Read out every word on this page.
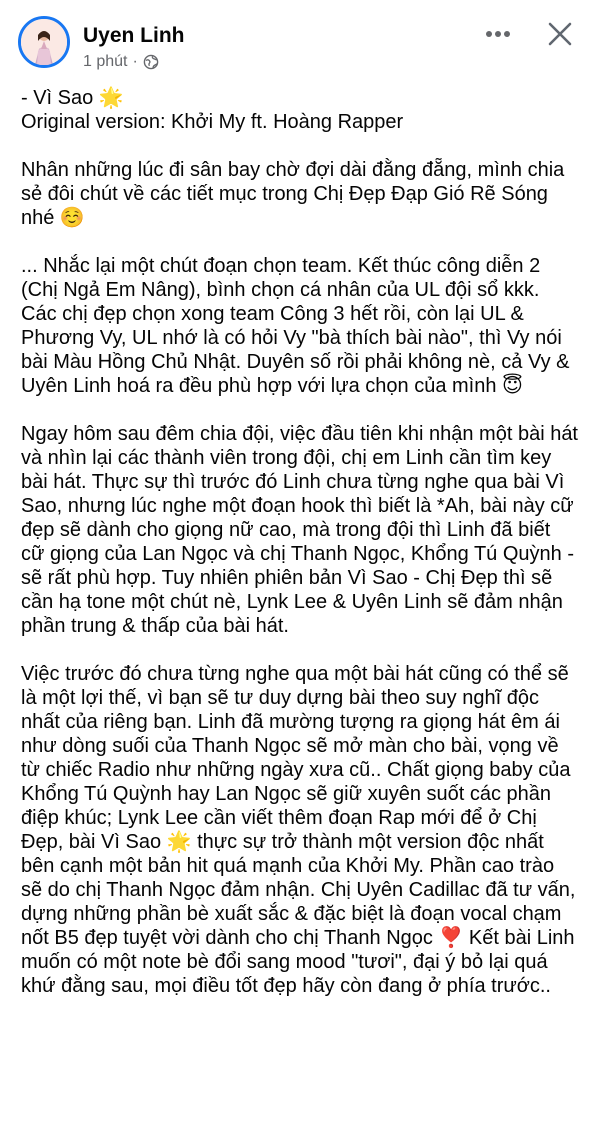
Uyen Linh
1 phút ·

- Vì Sao 🌟
Original version: Khởi My ft. Hoàng Rapper

Nhân những lúc đi sân bay chờ đợi dài đằng đẵng, mình chia sẻ đôi chút về các tiết mục trong Chị Đẹp Đạp Gió Rẽ Sóng nhé ☺️

... Nhắc lại một chút đoạn chọn team. Kết thúc công diễn 2 (Chị Ngả Em Nâng), bình chọn cá nhân của UL đội sổ kkk. Các chị đẹp chọn xong team Công 3 hết rồi, còn lại UL & Phương Vy, UL nhớ là có hỏi Vy "bà thích bài nào", thì Vy nói bài Màu Hồng Chủ Nhật. Duyên số rồi phải không nè, cả Vy & Uyên Linh hoá ra đều phù hợp với lựa chọn của mình 😇

Ngay hôm sau đêm chia đội, việc đầu tiên khi nhận một bài hát và nhìn lại các thành viên trong đội, chị em Linh cần tìm key bài hát. Thực sự thì trước đó Linh chưa từng nghe qua bài Vì Sao, nhưng lúc nghe một đoạn hook thì biết là *Ah, bài này cữ đẹp sẽ dành cho giọng nữ cao, mà trong đội thì Linh đã biết cữ giọng của Lan Ngọc và chị Thanh Ngọc, Khổng Tú Quỳnh - sẽ rất phù hợp. Tuy nhiên phiên bản Vì Sao - Chị Đẹp thì sẽ cần hạ tone một chút nè, Lynk Lee & Uyên Linh sẽ đảm nhận phần trung & thấp của bài hát.

Việc trước đó chưa từng nghe qua một bài hát cũng có thể sẽ là một lợi thế, vì bạn sẽ tư duy dựng bài theo suy nghĩ độc nhất của riêng bạn. Linh đã mường tượng ra giọng hát êm ái như dòng suối của Thanh Ngọc sẽ mở màn cho bài, vọng về từ chiếc Radio như những ngày xưa cũ.. Chất giọng baby của Khổng Tú Quỳnh hay Lan Ngọc sẽ giữ xuyên suốt các phần điệp khúc; Lynk Lee cần viết thêm đoạn Rap mới để ở Chị Đẹp, bài Vì Sao 🌟 thực sự trở thành một version độc nhất bên cạnh một bản hit quá mạnh của Khởi My. Phần cao trào sẽ do chị Thanh Ngọc đảm nhận. Chị Uyên Cadillac đã tư vấn, dựng những phần bè xuất sắc & đặc biệt là đoạn vocal chạm nốt B5 đẹp tuyệt vời dành cho chị Thanh Ngọc ❣️ Kết bài Linh muốn có một note bè đổi sang mood "tươi", đại ý bỏ lại quá khứ đằng sau, mọi điều tốt đẹp hãy còn đang ở phía trước..
